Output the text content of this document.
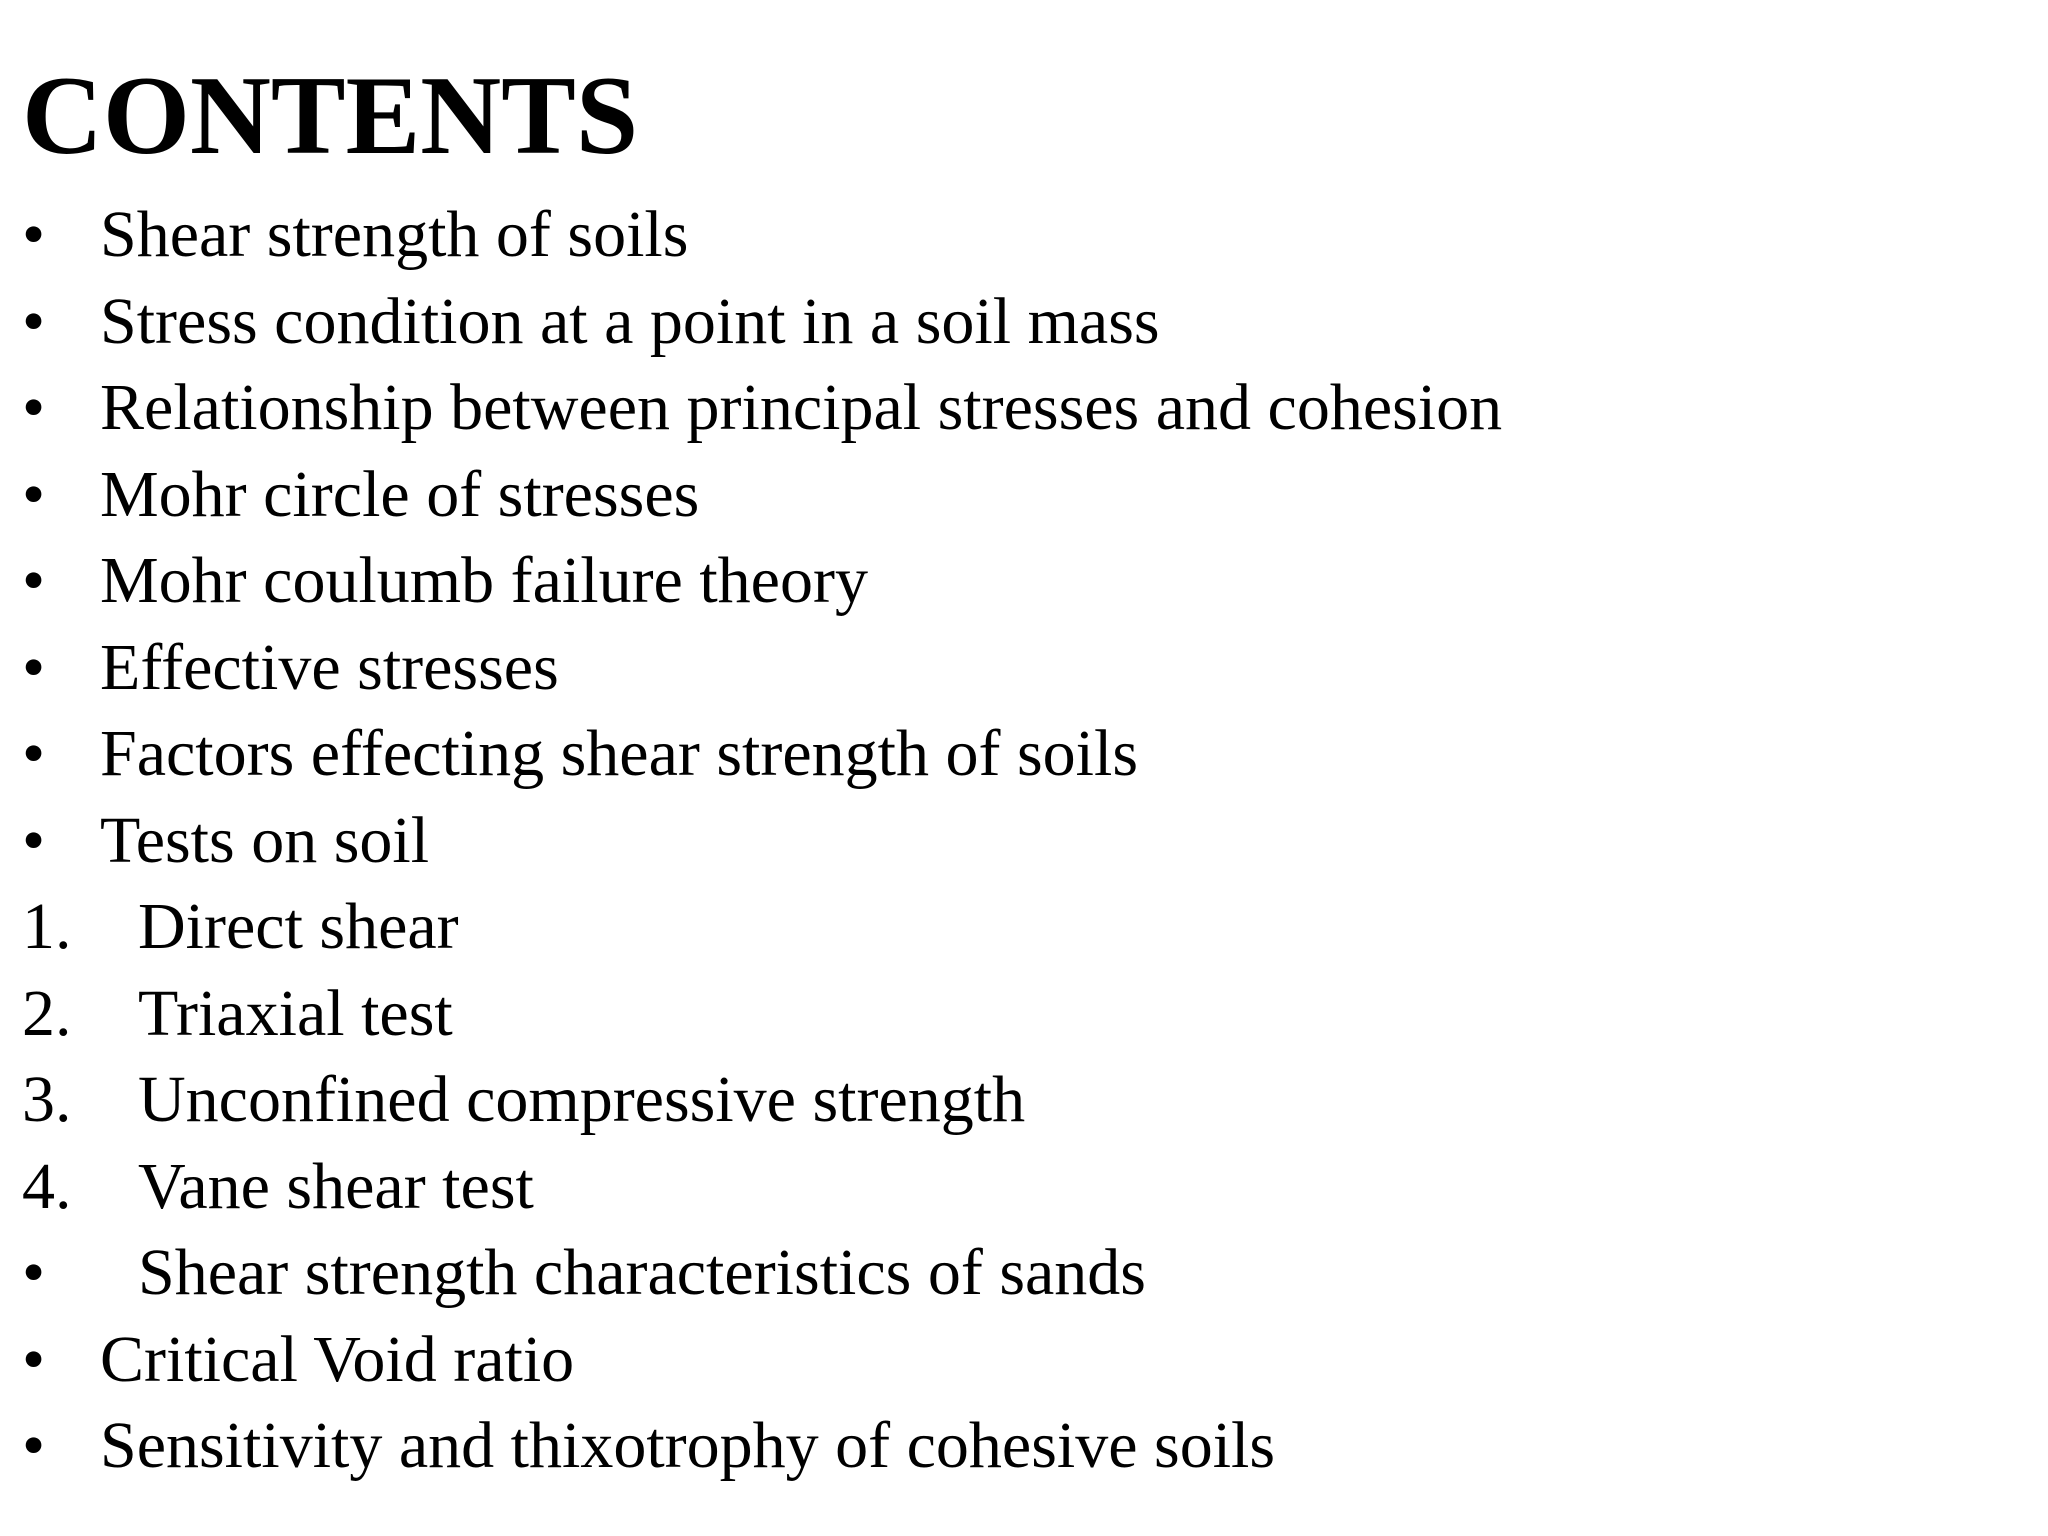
CONTENTS
• Shear strength of soils
• Stress condition at a point in a soil mass
• Relationship between principal stresses and cohesion
• Mohr circle of stresses
• Mohr coulumb failure theory
• Effective stresses
• Factors effecting shear strength of soils
• Tests on soil
1. Direct shear
2. Triaxial test
3. Unconfined compressive strength
4. Vane shear test
• Shear strength characteristics of sands
• Critical Void ratio
• Sensitivity and thixotrophy of cohesive soils
